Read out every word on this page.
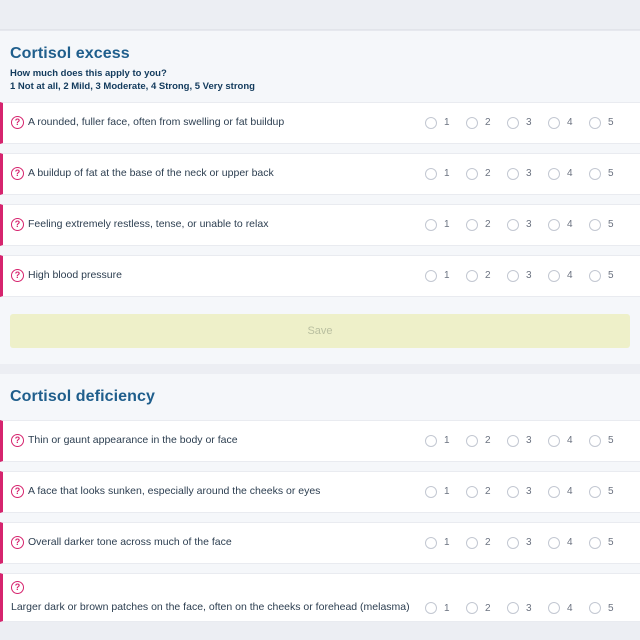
Cortisol excess
How much does this apply to you?
1 Not at all, 2 Mild, 3 Moderate, 4 Strong, 5 Very strong
? A rounded, fuller face, often from swelling or fat buildup	1	2	3	4	5
? A buildup of fat at the base of the neck or upper back	1	2	3	4	5
? Feeling extremely restless, tense, or unable to relax	1	2	3	4	5
? High blood pressure	1	2	3	4	5
Save
Cortisol deficiency
? Thin or gaunt appearance in the body or face	1	2	3	4	5
? A face that looks sunken, especially around the cheeks or eyes	1	2	3	4	5
? Overall darker tone across much of the face	1	2	3	4	5
?
Larger dark or brown patches on the face, often on the cheeks or forehead (melasma)	1	2	3	4	5
